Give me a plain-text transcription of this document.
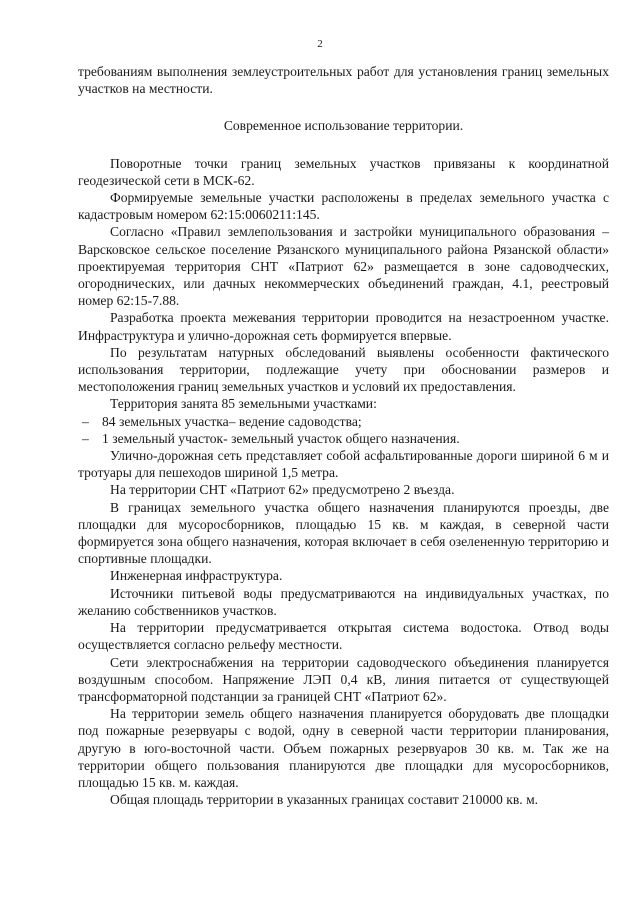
2

требованиям выполнения землеустроительных работ для установления границ земельных участков на местности.

Современное использование территории.

Поворотные точки границ земельных участков привязаны к координатной геодезической сети в МСК-62.

Формируемые земельные участки расположены в пределах земельного участка с кадастровым номером 62:15:0060211:145.

Согласно «Правил землепользования и застройки муниципального образования – Варсковское сельское поселение Рязанского муниципального района Рязанской области» проектируемая территория СНТ «Патриот 62» размещается в зоне садоводческих, огороднических, или дачных некоммерческих объединений граждан, 4.1, реестровый номер 62:15-7.88.

Разработка проекта межевания территории проводится на незастроенном участке. Инфраструктура и улично-дорожная сеть формируется впервые.

По результатам натурных обследований выявлены особенности фактического использования территории, подлежащие учету при обосновании размеров и местоположения границ земельных участков и условий их предоставления.

Территория занята 85 земельными участками:

– 84 земельных участка– ведение садоводства;

– 1 земельный участок- земельный участок общего назначения.

Улично-дорожная сеть представляет собой асфальтированные дороги шириной 6 м и тротуары для пешеходов шириной 1,5 метра.

На территории СНТ «Патриот 62» предусмотрено 2 въезда.

В границах земельного участка общего назначения планируются проезды, две площадки для мусоросборников, площадью 15 кв. м каждая, в северной части формируется зона общего назначения, которая включает в себя озелененную территорию и спортивные площадки.

Инженерная инфраструктура.

Источники питьевой воды предусматриваются на индивидуальных участках, по желанию собственников участков.

На территории предусматривается открытая система водостока. Отвод воды осуществляется согласно рельефу местности.

Сети электроснабжения на территории садоводческого объединения планируется воздушным способом. Напряжение ЛЭП 0,4 кВ, линия питается от существующей трансформаторной подстанции за границей СНТ «Патриот 62».

На территории земель общего назначения планируется оборудовать две площадки под пожарные резервуары с водой, одну в северной части территории планирования, другую в юго-восточной части. Объем пожарных резервуаров 30 кв. м. Так же на территории общего пользования планируются две площадки для мусоросборников, площадью 15 кв. м. каждая.

Общая площадь территории в указанных границах составит 210000 кв. м.
